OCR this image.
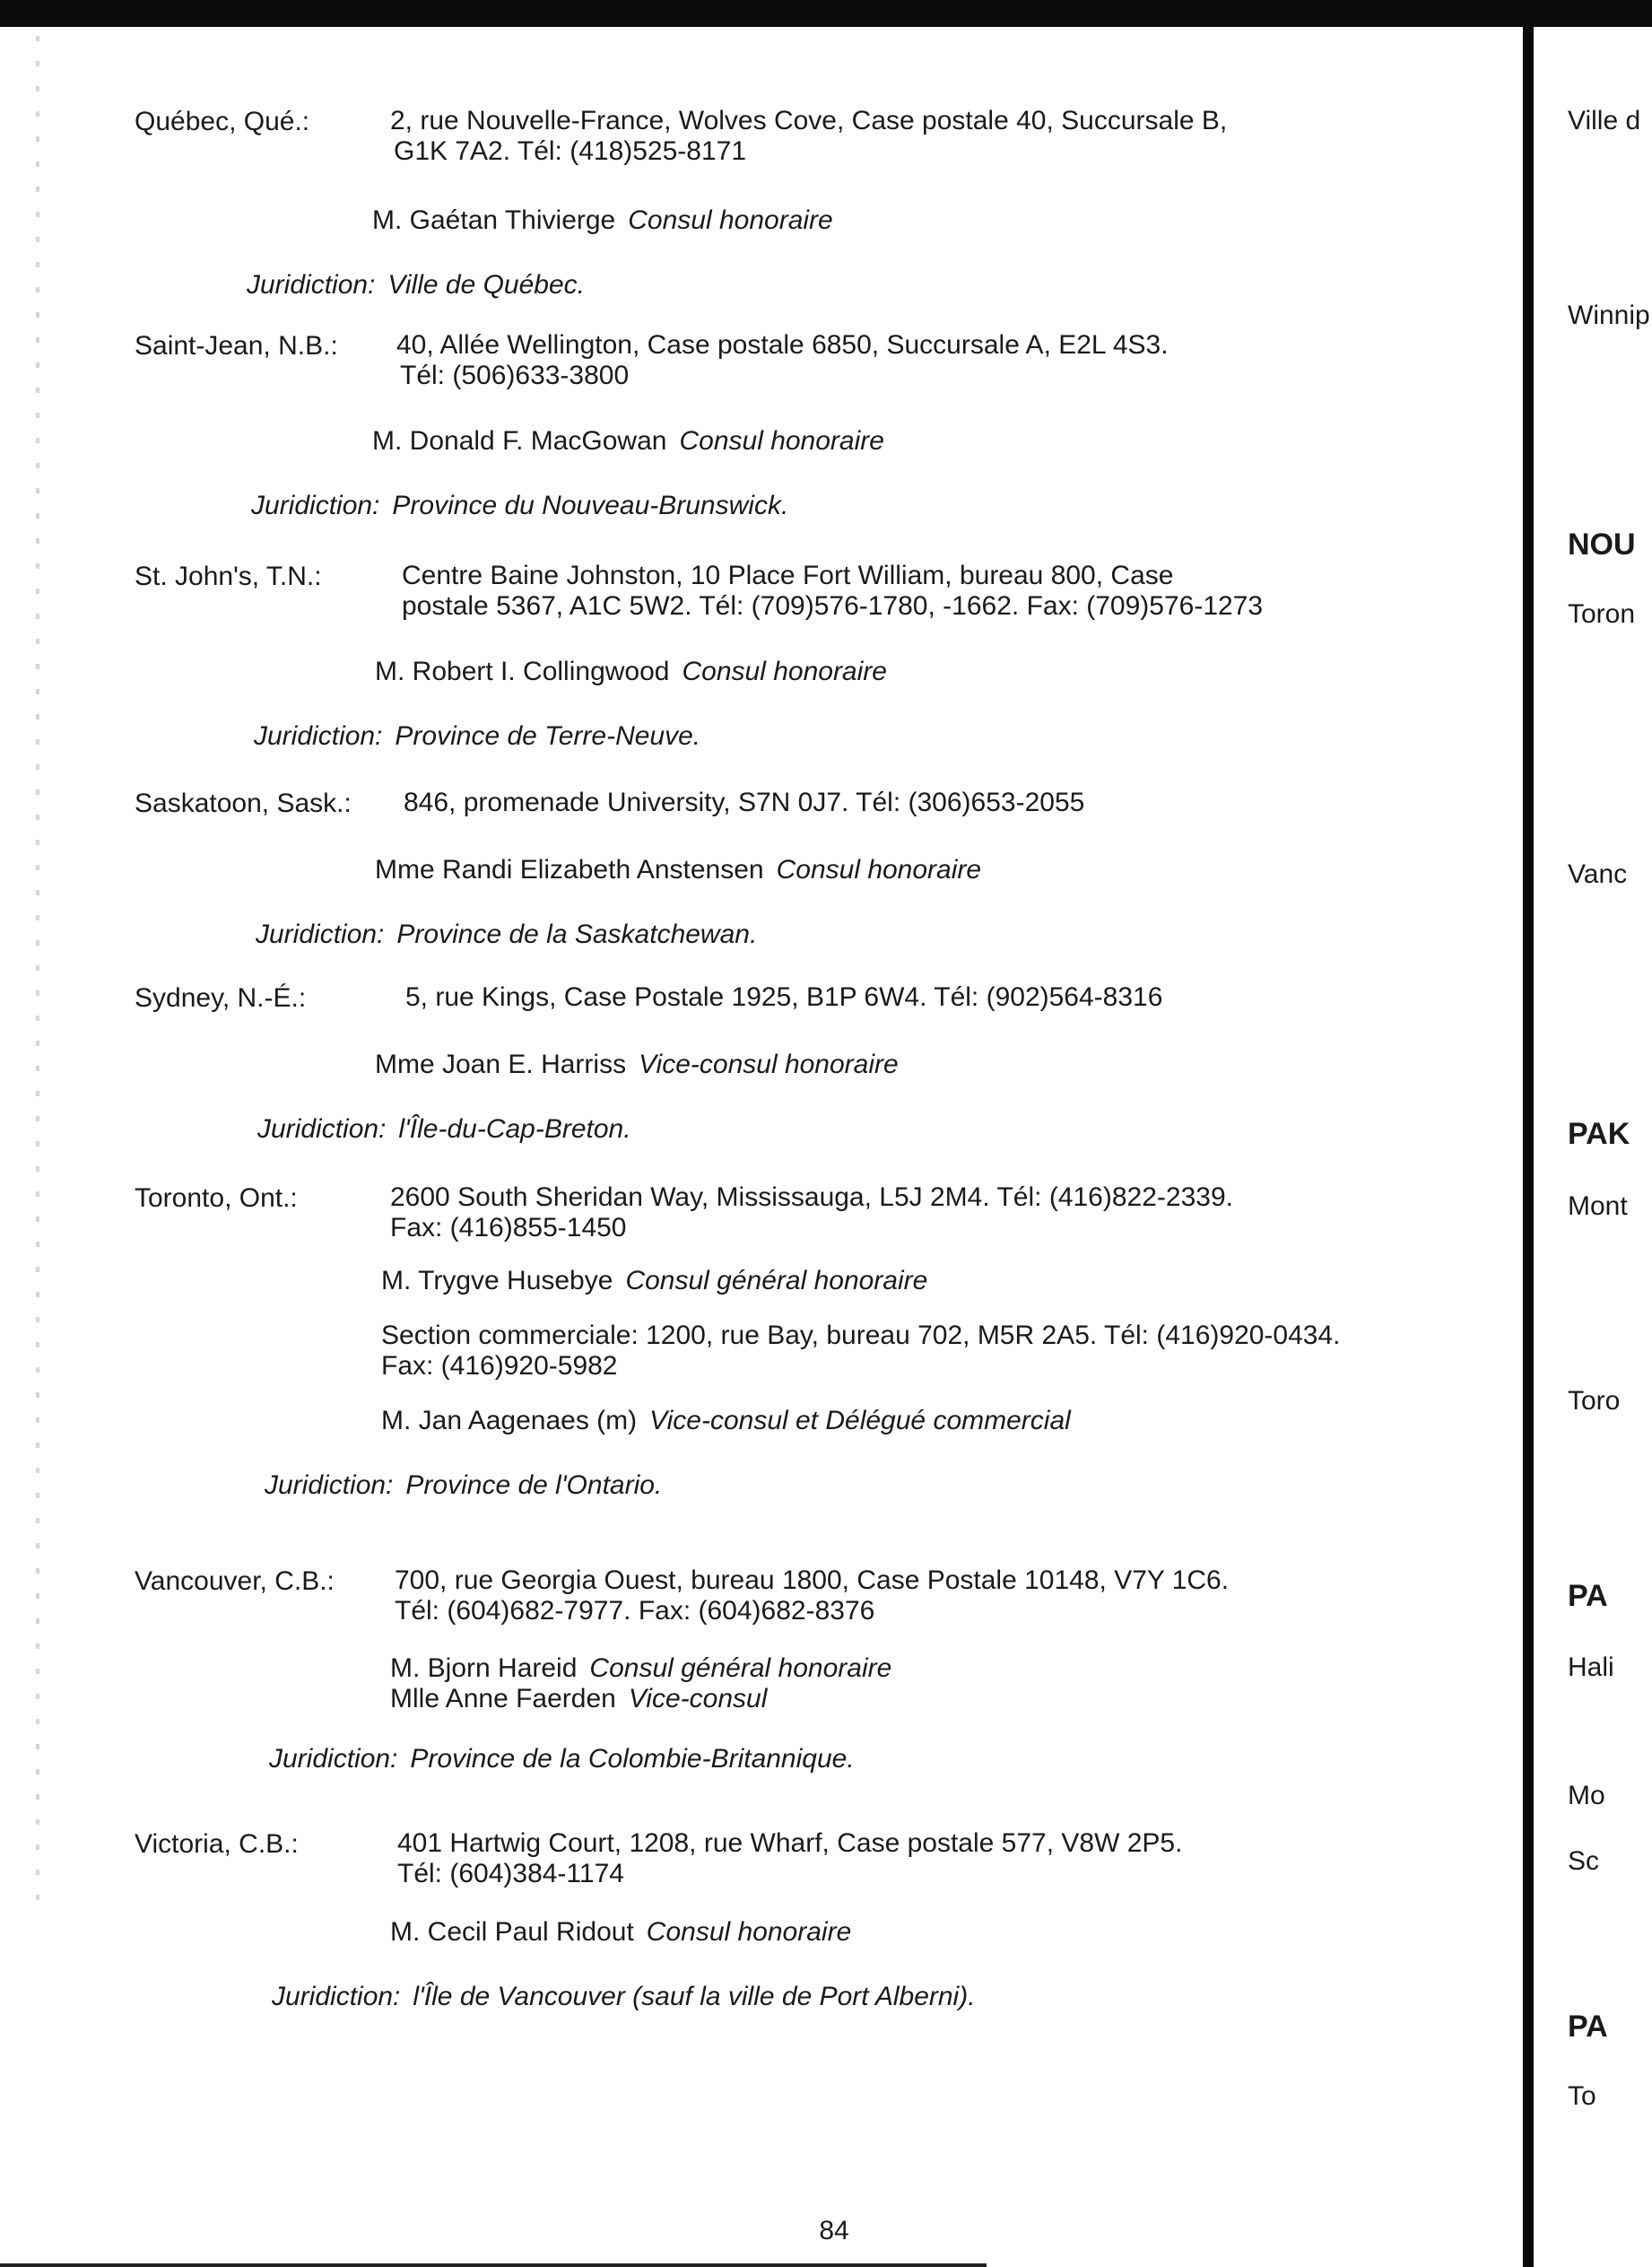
Québec, Qué.:	2, rue Nouvelle-France, Wolves Cove, Case postale 40, Succursale B,
G1K 7A2. Tél: (418)525-8171
M. Gaétan Thivierge Consul honoraire
Juridiction: Ville de Québec.
Saint-Jean, N.B.:	40, Allée Wellington, Case postale 6850, Succursale A, E2L 4S3.
Tél: (506)633-3800
M. Donald F. MacGowan Consul honoraire
Juridiction: Province du Nouveau-Brunswick.
St. John's, T.N.:	Centre Baine Johnston, 10 Place Fort William, bureau 800, Case
postale 5367, A1C 5W2. Tél: (709)576-1780, -1662. Fax: (709)576-1273
M. Robert I. Collingwood Consul honoraire
Juridiction: Province de Terre-Neuve.
Saskatoon, Sask.:	846, promenade University, S7N 0J7. Tél: (306)653-2055
Mme Randi Elizabeth Anstensen Consul honoraire
Juridiction: Province de la Saskatchewan.
Sydney, N.-É.:	5, rue Kings, Case Postale 1925, B1P 6W4. Tél: (902)564-8316
Mme Joan E. Harriss Vice-consul honoraire
Juridiction: l'Île-du-Cap-Breton.
Toronto, Ont.:	2600 South Sheridan Way, Mississauga, L5J 2M4. Tél: (416)822-2339.
Fax: (416)855-1450
M. Trygve Husebye Consul général honoraire
Section commerciale: 1200, rue Bay, bureau 702, M5R 2A5. Tél: (416)920-0434.
Fax: (416)920-5982
M. Jan Aagenaes (m) Vice-consul et Délégué commercial
Juridiction: Province de l'Ontario.
Vancouver, C.B.:	700, rue Georgia Ouest, bureau 1800, Case Postale 10148, V7Y 1C6.
Tél: (604)682-7977. Fax: (604)682-8376
M. Bjorn Hareid Consul général honoraire
Mlle Anne Faerden Vice-consul
Juridiction: Province de la Colombie-Britannique.
Victoria, C.B.:	401 Hartwig Court, 1208, rue Wharf, Case postale 577, V8W 2P5.
Tél: (604)384-1174
M. Cecil Paul Ridout Consul honoraire
Juridiction: l'Île de Vancouver (sauf la ville de Port Alberni).
Ville d
Winnip
NOU
Toron
Vanc
PAK
Mont
Toro
PA
Hali
Mo
Sc
PA
To
84
